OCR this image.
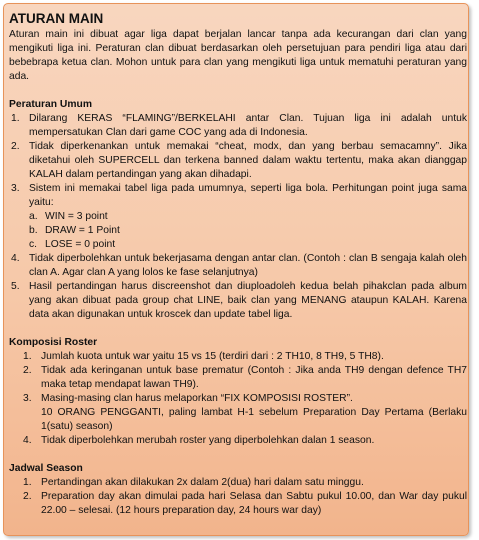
ATURAN MAIN

Aturan main ini dibuat agar liga dapat berjalan lancar tanpa ada kecurangan dari clan yang mengikuti liga ini. Peraturan clan dibuat berdasarkan oleh persetujuan para pendiri liga atau dari bebebrapa ketua clan. Mohon untuk para clan yang mengikuti liga untuk mematuhi peraturan yang ada.

Peraturan Umum

1. Dilarang KERAS “FLAMING”/BERKELAHI antar Clan. Tujuan liga ini adalah untuk mempersatukan Clan dari game COC yang ada di Indonesia.
2. Tidak diperkenankan untuk memakai “cheat, modx, dan yang berbau semacamny”. Jika diketahui oleh SUPERCELL dan terkena banned dalam waktu tertentu, maka akan dianggap KALAH dalam pertandingan yang akan dihadapi.
3. Sistem ini memakai tabel liga pada umumnya, seperti liga bola. Perhitungan point juga sama yaitu:
a. WIN = 3 point
b. DRAW = 1 Point
c. LOSE = 0 point
4. Tidak diperbolehkan untuk bekerjasama dengan antar clan. (Contoh : clan B sengaja kalah oleh clan A. Agar clan A yang lolos ke fase selanjutnya)
5. Hasil pertandingan harus discreenshot dan diuploadoleh kedua belah pihakclan pada album yang akan dibuat pada group chat LINE, baik clan yang MENANG ataupun KALAH. Karena data akan digunakan untuk kroscek dan update tabel liga.

Komposisi Roster

1. Jumlah kuota untuk war yaitu 15 vs 15 (terdiri dari : 2 TH10, 8 TH9, 5 TH8).
2. Tidak ada keringanan untuk base prematur (Contoh : Jika anda TH9 dengan defence TH7 maka tetap mendapat lawan TH9).
3. Masing-masing clan harus melaporkan “FIX KOMPOSISI ROSTER”.
10 ORANG PENGGANTI, paling lambat H-1 sebelum Preparation Day Pertama (Berlaku 1(satu) season)
4. Tidak diperbolehkan merubah roster yang diperbolehkan dalan 1 season.

Jadwal Season

1. Pertandingan akan dilakukan 2x dalam 2(dua) hari dalam satu minggu.
2. Preparation day akan dimulai pada hari Selasa dan Sabtu pukul 10.00, dan War day pukul 22.00 – selesai. (12 hours preparation day, 24 hours war day)
